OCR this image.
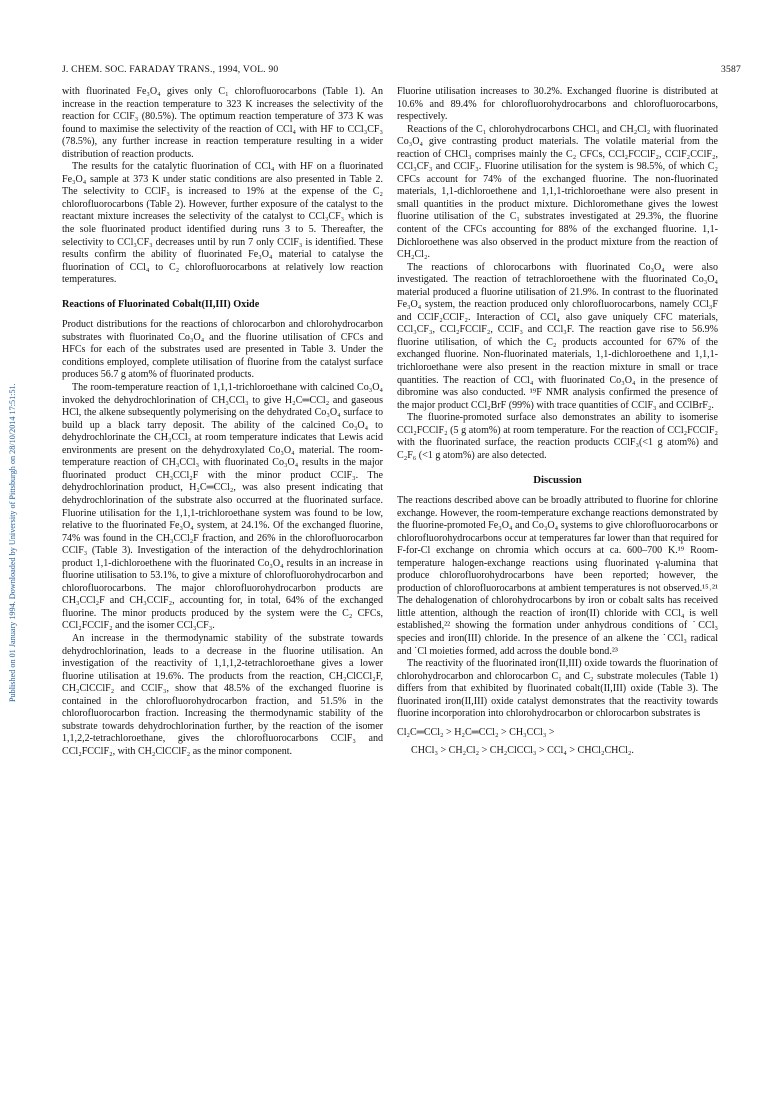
J. CHEM. SOC. FARADAY TRANS., 1994, VOL. 90	3587
Published on 01 January 1994. Downloaded by University of Pittsburgh on 28/10/2014 17:51:51.

with fluorinated Fe₃O₄ gives only C₁ chlorofluorocarbons (Table 1). An increase in the reaction temperature to 323 K increases the selectivity of the reaction for CClF₃ (80.5%). The optimum reaction temperature of 373 K was found to maximise the selectivity of the reaction of CCl₄ with HF to CCl₃CF₃ (78.5%), any further increase in reaction temperature resulting in a wider distribution of reaction products.

The results for the catalytic fluorination of CCl₄ with HF on a fluorinated Fe₃O₄ sample at 373 K under static conditions are also presented in Table 2. The selectivity to CClF₃ is increased to 19% at the expense of the C₂ chlorofluorocarbons (Table 2). However, further exposure of the catalyst to the reactant mixture increases the selectivity of the catalyst to CCl₃CF₃ which is the sole fluorinated product identified during runs 3 to 5. Thereafter, the selectivity to CCl₃CF₃ decreases until by run 7 only CClF₃ is identified. These results confirm the ability of fluorinated Fe₃O₄ material to catalyse the fluorination of CCl₄ to C₂ chlorofluorocarbons at relatively low reaction temperatures.

Reactions of Fluorinated Cobalt(II,III) Oxide

Product distributions for the reactions of chlorocarbon and chlorohydrocarbon substrates with fluorinated Co₃O₄ and the fluorine utilisation of CFCs and HFCs for each of the substrates used are presented in Table 3. Under the conditions employed, complete utilisation of fluorine from the catalyst surface produces 56.7 g atom% of fluorinated products.

The room-temperature reaction of 1,1,1-trichloroethane with calcined Co₃O₄ invoked the dehydrochlorination of CH₃CCl₃ to give H₂C═CCl₂ and gaseous HCl, the alkene subsequently polymerising on the dehydrated Co₃O₄ surface to build up a black tarry deposit. The ability of the calcined Co₃O₄ to dehydrochlorinate the CH₃CCl₃ at room temperature indicates that Lewis acid environments are present on the dehydroxylated Co₃O₄ material. The room-temperature reaction of CH₃CCl₃ with fluorinated Co₃O₄ results in the major fluorinated product CH₃CCl₂F with the minor product CClF₃. The dehydrochlorination product, H₂C═CCl₂, was also present indicating that dehydrochlorination of the substrate also occurred at the fluorinated surface. Fluorine utilisation for the 1,1,1-trichloroethane system was found to be low, relative to the fluorinated Fe₃O₄ system, at 24.1%. Of the exchanged fluorine, 74% was found in the CH₃CCl₂F fraction, and 26% in the chlorofluorocarbon CClF₃ (Table 3). Investigation of the interaction of the dehydrochlorination product 1,1-dichloroethene with the fluorinated Co₃O₄ results in an increase in fluorine utilisation to 53.1%, to give a mixture of chlorofluorohydrocarbon and chlorofluorocarbons. The major chlorofluorohydrocarbon products are CH₃CCl₂F and CH₃CClF₂, accounting for, in total, 64% of the exchanged fluorine. The minor products produced by the system were the C₂ CFCs, CCl₂FCClF₂ and the isomer CCl₃CF₃.

An increase in the thermodynamic stability of the substrate towards dehydrochlorination, leads to a decrease in the fluorine utilisation. An investigation of the reactivity of 1,1,1,2-tetrachloroethane gives a lower fluorine utilisation at 19.6%. The products from the reaction, CH₂ClCCl₂F, CH₂ClCClF₂ and CClF₃, show that 48.5% of the exchanged fluorine is contained in the chlorofluorohydrocarbon fraction, and 51.5% in the chlorofluorocarbon fraction. Increasing the thermodynamic stability of the substrate towards dehydrochlorination further, by the reaction of the isomer 1,1,2,2-tetrachloroethane, gives the chlorofluorocarbons CClF₃ and CCl₂FCClF₂, with CH₂ClCClF₂ as the minor component.

Fluorine utilisation increases to 30.2%. Exchanged fluorine is distributed at 10.6% and 89.4% for chlorofluorohydrocarbons and chlorofluorocarbons, respectively.

Reactions of the C₁ chlorohydrocarbons CHCl₃ and CH₂Cl₂ with fluorinated Co₃O₄ give contrasting product materials. The volatile material from the reaction of CHCl₃ comprises mainly the C₂ CFCs, CCl₂FCClF₂, CClF₂CClF₂, CCl₃CF₃ and CClF₃. Fluorine utilisation for the system is 98.5%, of which C₂ CFCs account for 74% of the exchanged fluorine. The non-fluorinated materials, 1,1-dichloroethene and 1,1,1-trichloroethane were also present in small quantities in the product mixture. Dichloromethane gives the lowest fluorine utilisation of the C₁ substrates investigated at 29.3%, the fluorine content of the CFCs accounting for 88% of the exchanged fluorine. 1,1-Dichloroethene was also observed in the product mixture from the reaction of CH₂Cl₂.

The reactions of chlorocarbons with fluorinated Co₃O₄ were also investigated. The reaction of tetrachloroethene with the fluorinated Co₃O₄ material produced a fluorine utilisation of 21.9%. In contrast to the fluorinated Fe₃O₄ system, the reaction produced only chlorofluorocarbons, namely CCl₃F and CClF₂CClF₂. Interaction of CCl₄ also gave uniquely CFC materials, CCl₃CF₃, CCl₂FCClF₂, CClF₃ and CCl₃F. The reaction gave rise to 56.9% fluorine utilisation, of which the C₂ products accounted for 67% of the exchanged fluorine. Non-fluorinated materials, 1,1-dichloroethene and 1,1,1-trichloroethane were also present in the reaction mixture in small or trace quantities. The reaction of CCl₄ with fluorinated Co₃O₄ in the presence of dibromine was also conducted. ¹⁹F NMR analysis confirmed the presence of the major product CCl₂BrF (99%) with trace quantities of CClF₃ and CClBrF₂.

The fluorine-promoted surface also demonstrates an ability to isomerise CCl₂FCClF₂ (5 g atom%) at room temperature. For the reaction of CCl₂FCClF₂ with the fluorinated surface, the reaction products CClF₃(<1 g atom%) and C₂F₆ (<1 g atom%) are also detected.

Discussion

The reactions described above can be broadly attributed to fluorine for chlorine exchange. However, the room-temperature exchange reactions demonstrated by the fluorine-promoted Fe₃O₄ and Co₃O₄ systems to give chlorofluorocarbons or chlorofluorohydrocarbons occur at temperatures far lower than that required for F-for-Cl exchange on chromia which occurs at ca. 600–700 K.¹⁹ Room-temperature halogen-exchange reactions using fluorinated γ-alumina that produce chlorofluorohydrocarbons have been reported; however, the production of chlorofluorocarbons at ambient temperatures is not observed.¹⁵˒²¹ The dehalogenation of chlorohydrocarbons by iron or cobalt salts has received little attention, although the reaction of iron(II) chloride with CCl₄ is well established,²² showing the formation under anhydrous conditions of ˙CCl₃ species and iron(III) chloride. In the presence of an alkene the ˙CCl₃ radical and ˙Cl moieties formed, add across the double bond.²³

The reactivity of the fluorinated iron(II,III) oxide towards the fluorination of chlorohydrocarbon and chlorocarbon C₁ and C₂ substrate molecules (Table 1) differs from that exhibited by fluorinated cobalt(II,III) oxide (Table 3). The fluorinated iron(II,III) oxide catalyst demonstrates that the reactivity towards fluorine incorporation into chlorohydrocarbon or chlorocarbon substrates is

Cl₂C═CCl₂ > H₂C═CCl₂ > CH₃CCl₃ >

CHCl₃ > CH₂Cl₂ > CH₂ClCCl₃ > CCl₄ > CHCl₂CHCl₂.
